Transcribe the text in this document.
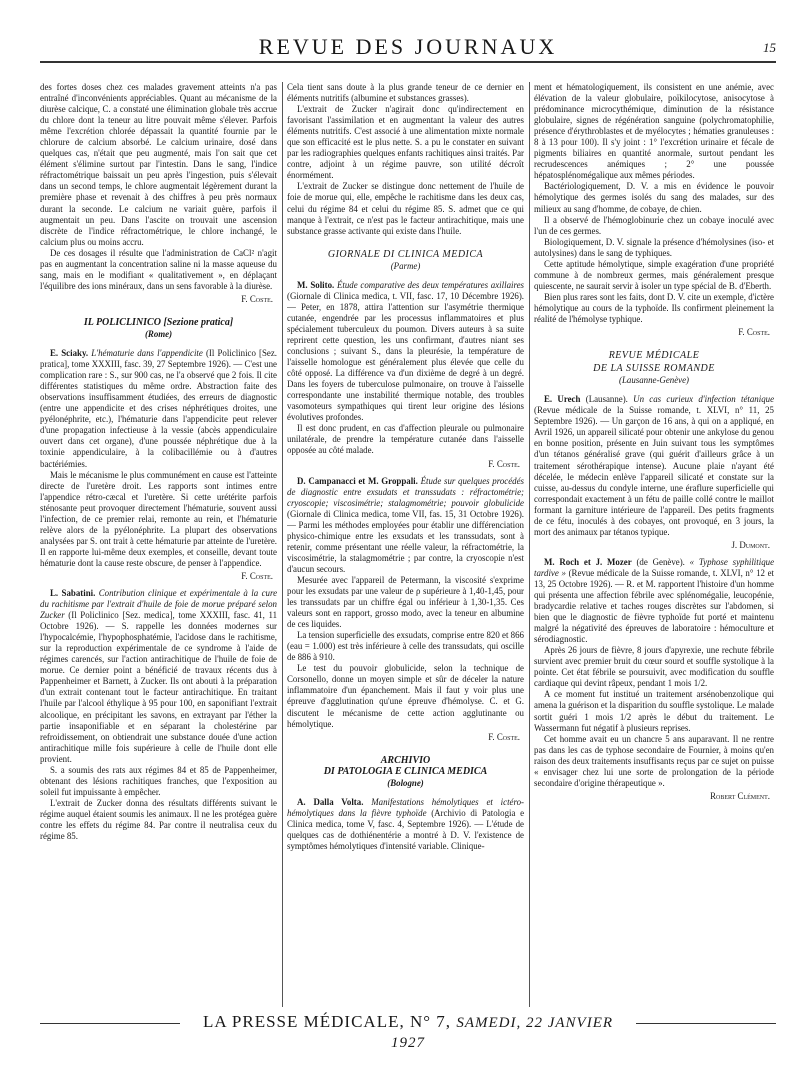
REVUE DES JOURNAUX	15

des fortes doses chez ces malades gravement atteints n'a pas entraîné d'inconvénients appréciables. Quant au mécanisme de la diurèse calcique, C. a constaté une élimination globale très accrue du chlore dont la teneur au litre pouvait même s'élever. Parfois même l'excrétion chlorée dépassait la quantité fournie par le chlorure de calcium absorbé. Le calcium urinaire, dosé dans quelques cas, n'était que peu augmenté, mais l'on sait que cet élément s'élimine surtout par l'intestin. Dans le sang, l'indice réfractométrique baissait un peu après l'ingestion, puis s'élevait dans un second temps, le chlore augmentait légèrement durant la première phase et revenait à des chiffres à peu près normaux durant la seconde. Le calcium ne variait guère, parfois il augmentait un peu. Dans l'ascite on trouvait une ascension discrète de l'indice réfractométrique, le chlore inchangé, le calcium plus ou moins accru.

De ces dosages il résulte que l'administration de CaCl² n'agit pas en augmentant la concentration saline ni la masse aqueuse du sang, mais en le modifiant « qualitativement », en déplaçant l'équilibre des ions minéraux, dans un sens favorable à la diurèse.

F. Coste.

IL POLICLINICO [Sezione pratica]

(Rome)

E. Sciaky. L'hématurie dans l'appendicite (Il Policlinico [Sez. pratica], tome XXXIII, fasc. 39, 27 Septembre 1926). — C'est une complication rare : S., sur 900 cas, ne l'a observé que 2 fois. Il cite différentes statistiques du même ordre. Abstraction faite des observations insuffisamment étudiées, des erreurs de diagnostic (entre une appendicite et des crises néphrétiques droites, une pyélonéphrite, etc.), l'hématurie dans l'appendicite peut relever d'une propagation infectieuse à la vessie (abcès appendiculaire ouvert dans cet organe), d'une poussée néphrétique due à la toxinie appendiculaire, à la colibacillémie ou à d'autres bactériémies.

Mais le mécanisme le plus communément en cause est l'atteinte directe de l'uretère droit. Les rapports sont intimes entre l'appendice rétro-cæcal et l'uretère. Si cette urétérite parfois sténosante peut provoquer directement l'hématurie, souvent aussi l'infection, de ce premier relai, remonte au rein, et l'hématurie relève alors de la pyélonéphrite. La plupart des observations analysées par S. ont trait à cette hématurie par atteinte de l'uretère. Il en rapporte lui-même deux exemples, et conseille, devant toute hématurie dont la cause reste obscure, de penser à l'appendice.

F. Coste.

L. Sabatini. Contribution clinique et expérimentale à la cure du rachitisme par l'extrait d'huile de foie de morue préparé selon Zucker (Il Policlinico [Sez. medica], tome XXXIII, fasc. 41, 11 Octobre 1926). — S. rappelle les données modernes sur l'hypocalcémie, l'hypophosphatémie, l'acidose dans le rachitisme, sur la reproduction expérimentale de ce syndrome à l'aide de régimes carencés, sur l'action antirachitique de l'huile de foie de morue. Ce dernier point a bénéficié de travaux récents dus à Pappenheimer et Barnett, à Zucker. Ils ont abouti à la préparation d'un extrait contenant tout le facteur antirachitique. En traitant l'huile par l'alcool éthylique à 95 pour 100, en saponifiant l'extrait alcoolique, en précipitant les savons, en extrayant par l'éther la partie insaponifiable et en séparant la cholestérine par refroidissement, on obtiendrait une substance douée d'une action antirachitique mille fois supérieure à celle de l'huile dont elle provient.

S. a soumis des rats aux régimes 84 et 85 de Pappenheimer, obtenant des lésions rachitiques franches, que l'exposition au soleil fut impuissante à empêcher.

L'extrait de Zucker donna des résultats différents suivant le régime auquel étaient soumis les animaux. Il ne les protégea guère contre les effets du régime 84. Par contre il neutralisa ceux du régime 85.

Cela tient sans doute à la plus grande teneur de ce dernier en éléments nutritifs (albumine et substances grasses).

L'extrait de Zucker n'agirait donc qu'indirectement en favorisant l'assimilation et en augmentant la valeur des autres éléments nutritifs. C'est associé à une alimentation mixte normale que son efficacité est le plus nette. S. a pu le constater en suivant par les radiographies quelques enfants rachitiques ainsi traités. Par contre, adjoint à un régime pauvre, son utilité décroît énormément.

L'extrait de Zucker se distingue donc nettement de l'huile de foie de morue qui, elle, empêche le rachitisme dans les deux cas, celui du régime 84 et celui du régime 85. S. admet que ce qui manque à l'extrait, ce n'est pas le facteur antirachitique, mais une substance grasse activante qui existe dans l'huile.

GIORNALE DI CLINICA MEDICA

(Parme)

M. Solito. Étude comparative des deux températures axillaires (Giornale di Clinica medica, t. VII, fasc. 17, 10 Décembre 1926). — Peter, en 1878, attira l'attention sur l'asymétrie thermique cutanée, engendrée par les processus inflammatoires et plus spécialement tuberculeux du poumon. Divers auteurs à sa suite reprirent cette question, les uns confirmant, d'autres niant ses conclusions ; suivant S., dans la pleurésie, la température de l'aisselle homologue est généralement plus élevée que celle du côté opposé. La différence va d'un dixième de degré à un degré. Dans les foyers de tuberculose pulmonaire, on trouve à l'aisselle correspondante une instabilité thermique notable, des troubles vasomoteurs sympathiques qui tirent leur origine des lésions évolutives profondes.

Il est donc prudent, en cas d'affection pleurale ou pulmonaire unilatérale, de prendre la température cutanée dans l'aisselle opposée au côté malade.

F. Coste.

D. Campanacci et M. Groppali. Étude sur quelques procédés de diagnostic entre exsudats et transsudats : réfractométrie; cryoscopie; viscosimétrie; stalagmométrie; pouvoir globulicide (Giornale di Clinica medica, tome VII, fas. 15, 31 Octobre 1926). — Parmi les méthodes employées pour établir une différenciation physico-chimique entre les exsudats et les transsudats, sont à retenir, comme présentant une réelle valeur, la réfractométrie, la viscosimétrie, la stalagmométrie ; par contre, la cryoscopie n'est d'aucun secours.

Mesurée avec l'appareil de Petermann, la viscosité s'exprime pour les exsudats par une valeur de ρ supérieure à 1,40-1,45, pour les transsudats par un chiffre égal ou inférieur à 1,30-1,35. Ces valeurs sont en rapport, grosso modo, avec la teneur en albumine de ces liquides.

La tension superficielle des exsudats, comprise entre 820 et 866 (eau = 1.000) est très inférieure à celle des transsudats, qui oscille de 886 à 910.

Le test du pouvoir globulicide, selon la technique de Corsonello, donne un moyen simple et sûr de déceler la nature inflammatoire d'un épanchement. Mais il faut y voir plus une épreuve d'agglutination qu'une épreuve d'hémolyse. C. et G. discutent le mécanisme de cette action agglutinante ou hémolytique.

F. Coste.

ARCHIVIO

DI PATOLOGIA E CLINICA MEDICA

(Bologne)

A. Dalla Volta. Manifestations hémolytiques et ictéro-hémolytiques dans la fièvre typhoïde (Archivio di Patologia e Clinica medica, tome V, fasc. 4, Septembre 1926). — L'étude de quelques cas de dothiénentérie a montré à D. V. l'existence de symptômes hémolytiques d'intensité variable. Clinique-

ment et hématologiquement, ils consistent en une anémie, avec élévation de la valeur globulaire, poïkilocytose, anisocytose à prédominance microcythémique, diminution de la résistance globulaire, signes de régénération sanguine (polychromatophilie, présence d'érythroblastes et de myélocytes ; hématies granuleuses : 8 à 13 pour 100). Il s'y joint : 1° l'excrétion urinaire et fécale de pigments biliaires en quantité anormale, surtout pendant les recrudescences anémiques ; 2° une poussée hépatosplénomégalique aux mêmes périodes.

Bactériologiquement, D. V. a mis en évidence le pouvoir hémolytique des germes isolés du sang des malades, sur des milieux au sang d'homme, de cobaye, de chien.

Il a observé de l'hémoglobinurie chez un cobaye inoculé avec l'un de ces germes.

Biologiquement, D. V. signale la présence d'hémolysines (iso- et autolysines) dans le sang de typhiques.

Cette aptitude hémolytique, simple exagération d'une propriété commune à de nombreux germes, mais généralement presque quiescente, ne saurait servir à isoler un type spécial de B. d'Eberth.

Bien plus rares sont les faits, dont D. V. cite un exemple, d'ictère hémolytique au cours de la typhoïde. Ils confirment pleinement la réalité de l'hémolyse typhique.

F. Coste.

REVUE MÉDICALE

DE LA SUISSE ROMANDE

(Lausanne-Genève)

E. Urech (Lausanne). Un cas curieux d'infection tétanique (Revue médicale de la Suisse romande, t. XLVI, n° 11, 25 Septembre 1926). — Un garçon de 16 ans, à qui on a appliqué, en Avril 1926, un appareil silicaté pour obtenir une ankylose du genou en bonne position, présente en Juin suivant tous les symptômes d'un tétanos généralisé grave (qui guérit d'ailleurs grâce à un traitement sérothérapique intense). Aucune plaie n'ayant été décelée, le médecin enlève l'appareil silicaté et constate sur la cuisse, au-dessus du condyle interne, une éraflure superficielle qui correspondait exactement à un fétu de paille collé contre le maillot formant la garniture intérieure de l'appareil. Des petits fragments de ce fétu, inoculés à des cobayes, ont provoqué, en 3 jours, la mort des animaux par tétanos typique.

J. Dumont.

M. Roch et J. Mozer (de Genève). « Typhose syphilitique tardive » (Revue médicale de la Suisse romande, t. XLVI, n° 12 et 13, 25 Octobre 1926). — R. et M. rapportent l'histoire d'un homme qui présenta une affection fébrile avec splénomégalie, leucopénie, bradycardie relative et taches rouges discrètes sur l'abdomen, si bien que le diagnostic de fièvre typhoïde fut porté et maintenu malgré la négativité des épreuves de laboratoire : hémoculture et sérodiagnostic.

Après 26 jours de fièvre, 8 jours d'apyrexie, une rechute fébrile survient avec premier bruit du cœur sourd et souffle systolique à la pointe. Cet état fébrile se poursuivit, avec modification du souffle cardiaque qui devint râpeux, pendant 1 mois 1/2.

A ce moment fut institué un traitement arsénobenzolique qui amena la guérison et la disparition du souffle systolique. Le malade sortit guéri 1 mois 1/2 après le début du traitement. Le Wassermann fut négatif à plusieurs reprises.

Cet homme avait eu un chancre 5 ans auparavant. Il ne rentre pas dans les cas de typhose secondaire de Fournier, à moins qu'en raison des deux traitements insuffisants reçus par ce sujet on puisse « envisager chez lui une sorte de prolongation de la période secondaire d'origine thérapeutique ».

Robert Clément.

LA PRESSE MÉDICALE, N° 7, SAMEDI, 22 JANVIER 1927
